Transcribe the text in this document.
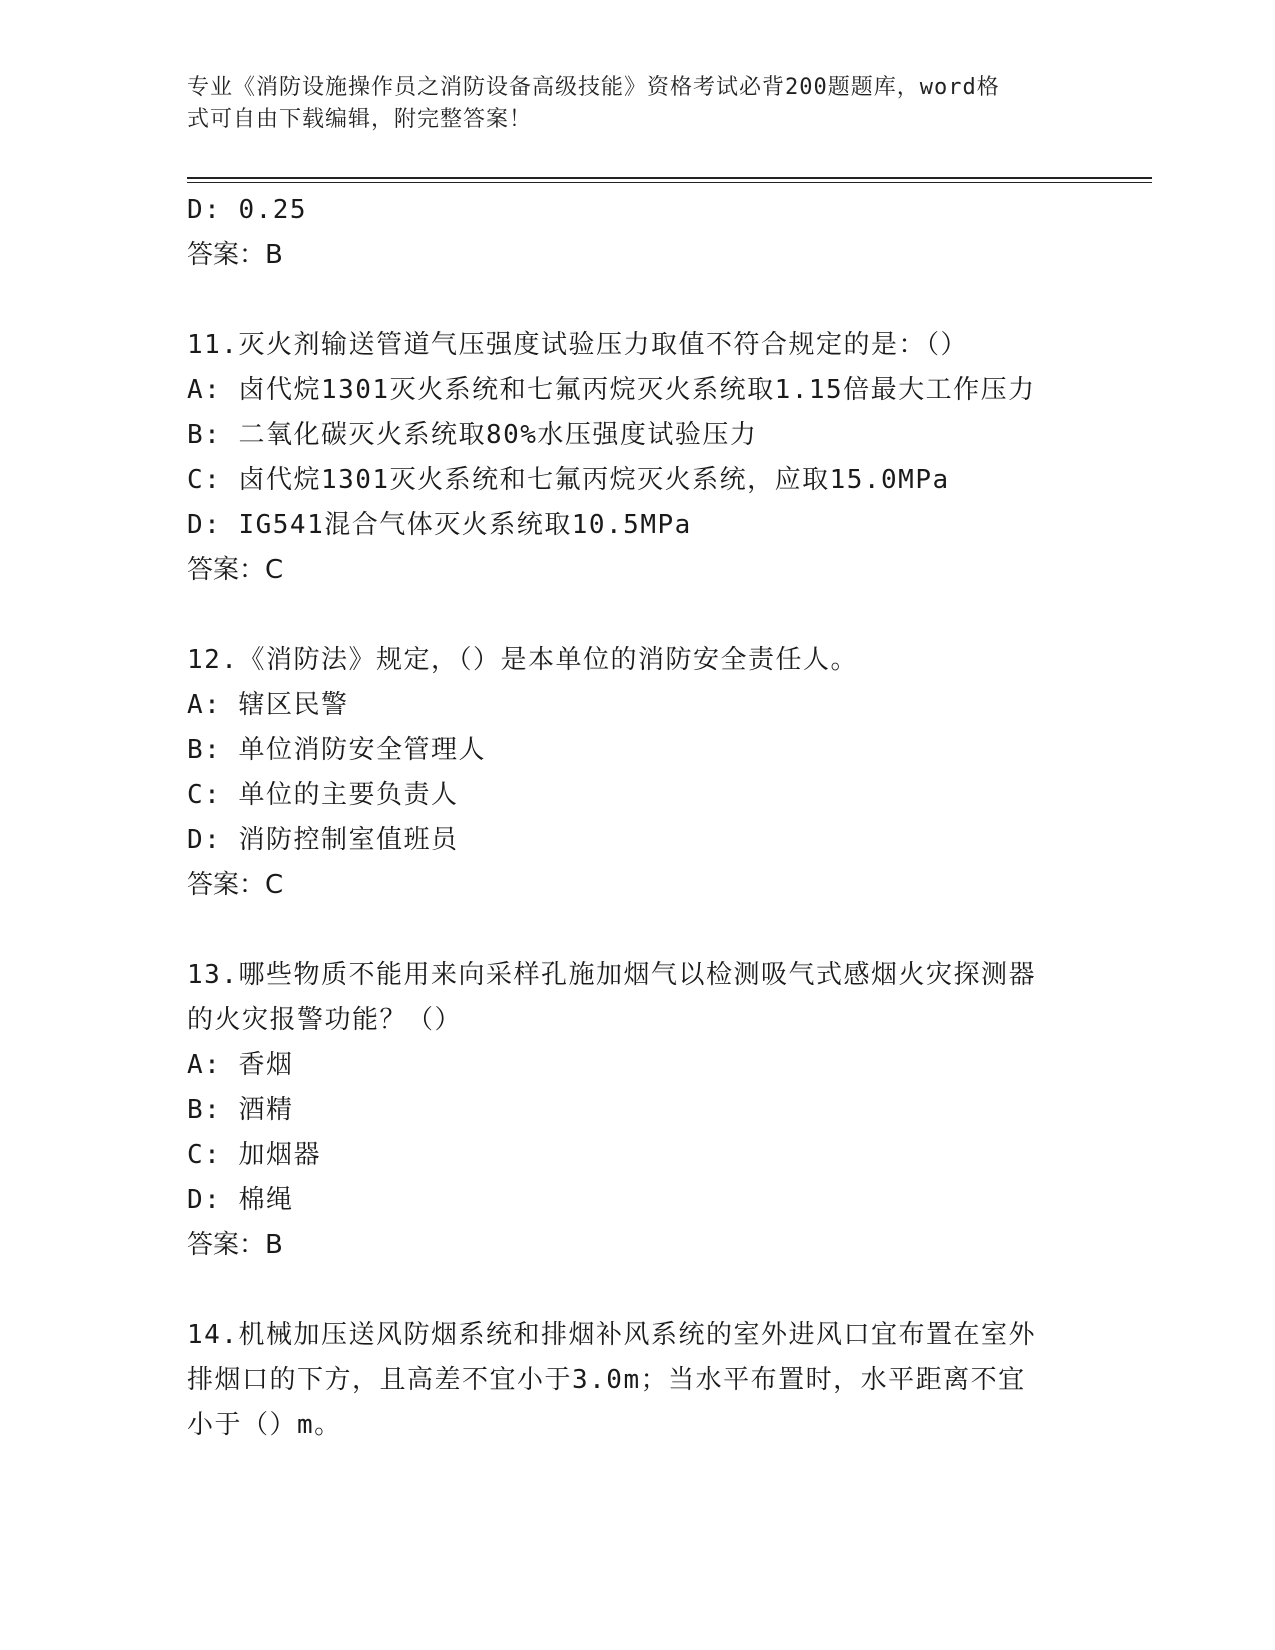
专业《消防设施操作员之消防设备高级技能》资格考试必背200题题库，word格
式可自由下载编辑，附完整答案！
D: 0.25
答案：B
11.灭火剂输送管道气压强度试验压力取值不符合规定的是：（）
A: 卤代烷1301灭火系统和七氟丙烷灭火系统取1.15倍最大工作压力
B: 二氧化碳灭火系统取80%水压强度试验压力
C: 卤代烷1301灭火系统和七氟丙烷灭火系统，应取15.0MPa
D: IG541混合气体灭火系统取10.5MPa
答案：C
12.《消防法》规定，（）是本单位的消防安全责任人。
A: 辖区民警
B: 单位消防安全管理人
C: 单位的主要负责人
D: 消防控制室值班员
答案：C
13.哪些物质不能用来向采样孔施加烟气以检测吸气式感烟火灾探测器
的火灾报警功能？（）
A: 香烟
B: 酒精
C: 加烟器
D: 棉绳
答案：B
14.机械加压送风防烟系统和排烟补风系统的室外进风口宜布置在室外
排烟口的下方，且高差不宜小于3.0m；当水平布置时，水平距离不宜
小于（）m。
